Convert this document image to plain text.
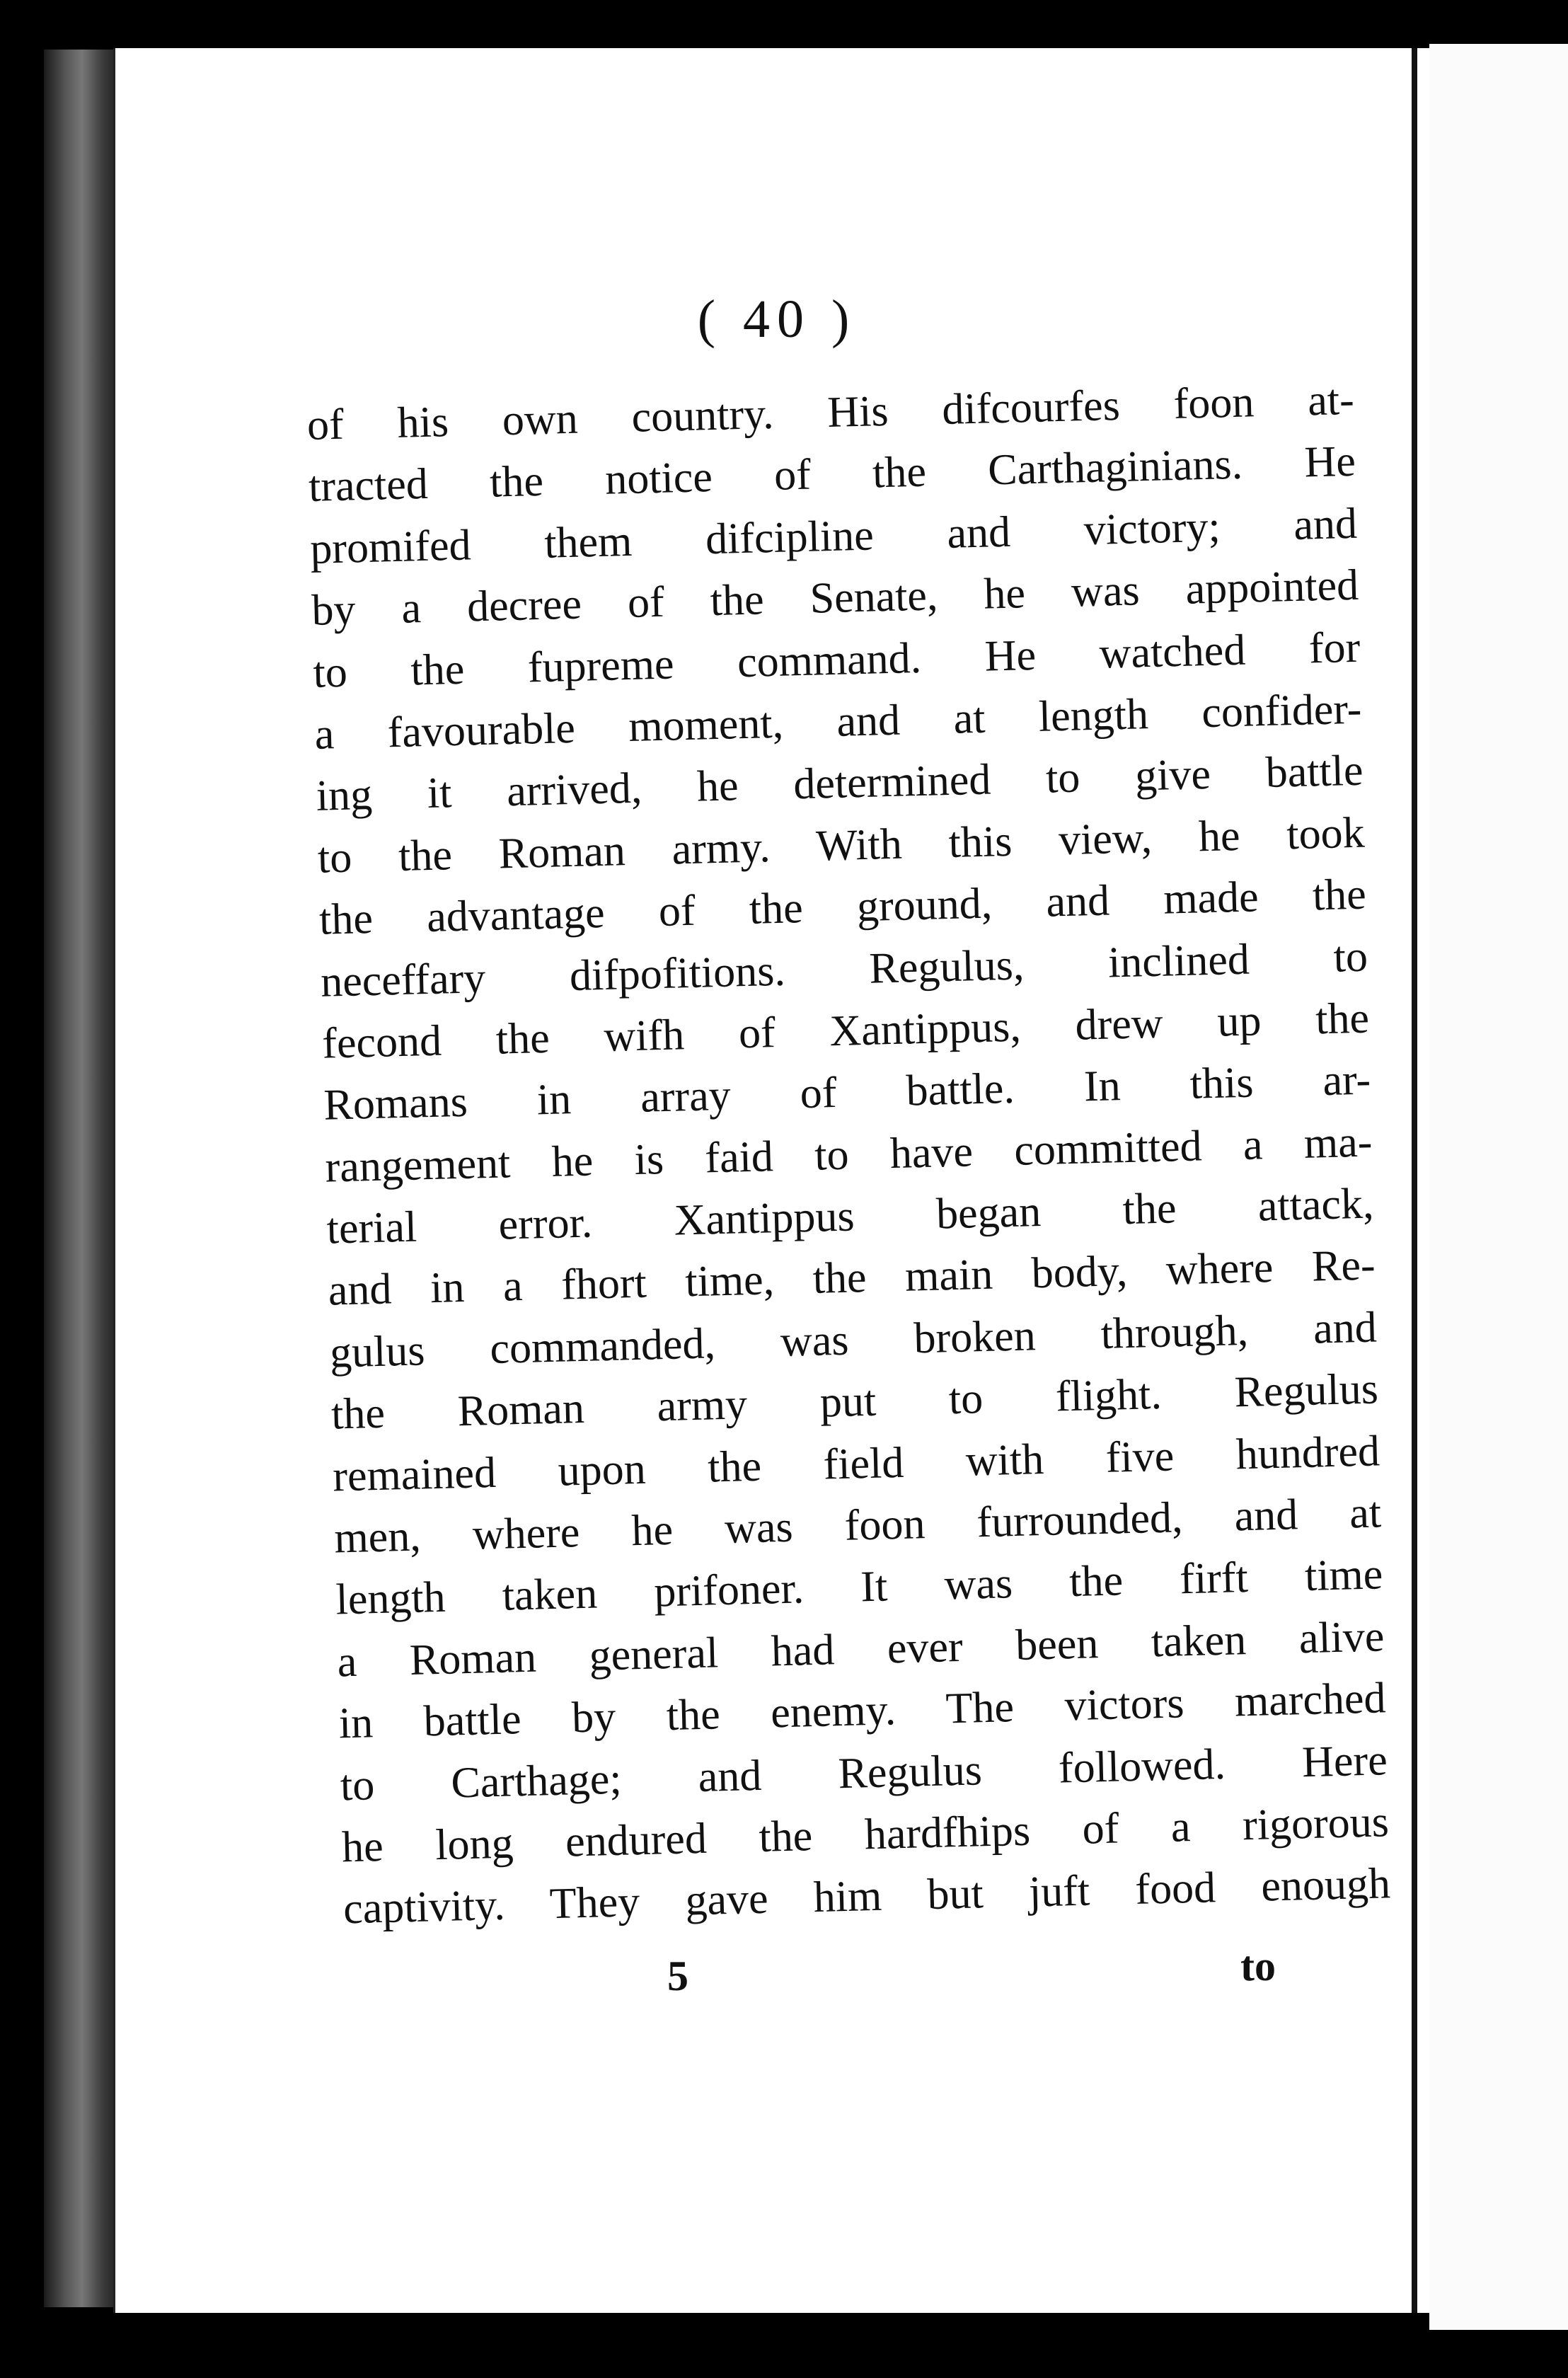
( 40 )
of his own country. His difcourfes foon at-
tracted the notice of the Carthaginians. He
promifed them difcipline and victory; and
by a decree of the Senate, he was appointed
to the fupreme command. He watched for
a favourable moment, and at length confider-
ing it arrived, he determined to give battle
to the Roman army. With this view, he took
the advantage of the ground, and made the
neceffary difpofitions. Regulus, inclined to
fecond the wifh of Xantippus, drew up the
Romans in array of battle. In this ar-
rangement he is faid to have committed a ma-
terial error. Xantippus began the attack,
and in a fhort time, the main body, where Re-
gulus commanded, was broken through, and
the Roman army put to flight. Regulus
remained upon the field with five hundred
men, where he was foon furrounded, and at
length taken prifoner. It was the firft time
a Roman general had ever been taken alive
in battle by the enemy. The victors marched
to Carthage; and Regulus followed. Here
he long endured the hardfhips of a rigorous
captivity. They gave him but juft food enough
5	to
